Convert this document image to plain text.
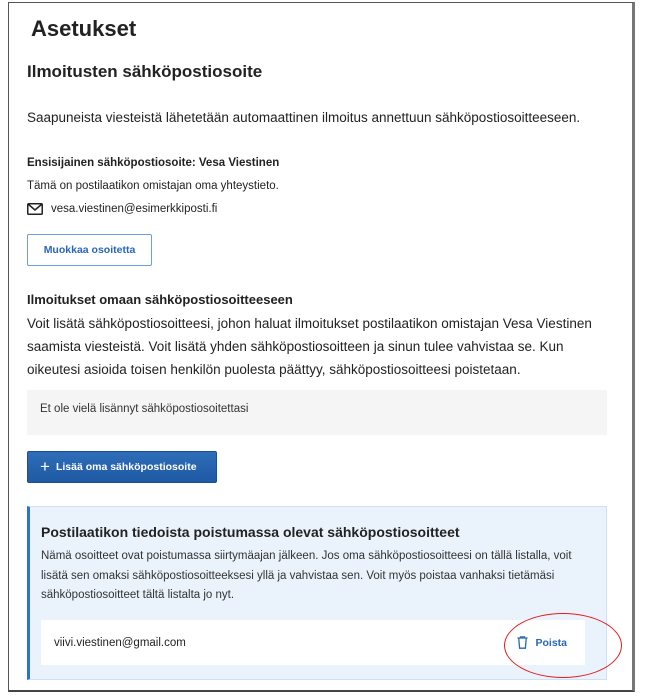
Asetukset
Ilmoitusten sähköpostiosoite
Saapuneista viesteistä lähetetään automaattinen ilmoitus annettuun sähköpostiosoitteeseen.
Ensisijainen sähköpostiosoite: Vesa Viestinen
Tämä on postilaatikon omistajan oma yhteystieto.
vesa.viestinen@esimerkkiposti.fi
Muokkaa osoitetta
Ilmoitukset omaan sähköpostiosoitteeseen
Voit lisätä sähköpostiosoitteesi, johon haluat ilmoitukset postilaatikon omistajan Vesa Viestinen saamista viesteistä. Voit lisätä yhden sähköpostiosoitteen ja sinun tulee vahvistaa se. Kun oikeutesi asioida toisen henkilön puolesta päättyy, sähköpostiosoitteesi poistetaan.
Et ole vielä lisännyt sähköpostiosoitettasi
+ Lisää oma sähköpostiosoite
Postilaatikon tiedoista poistumassa olevat sähköpostiosoitteet
Nämä osoitteet ovat poistumassa siirtymäajan jälkeen. Jos oma sähköpostiosoitteesi on tällä listalla, voit lisätä sen omaksi sähköpostiosoitteeksesi yllä ja vahvistaa sen. Voit myös poistaa vanhaksi tietämäsi sähköpostiosoitteet tältä listalta jo nyt.
viivi.viestinen@gmail.com	Poista
